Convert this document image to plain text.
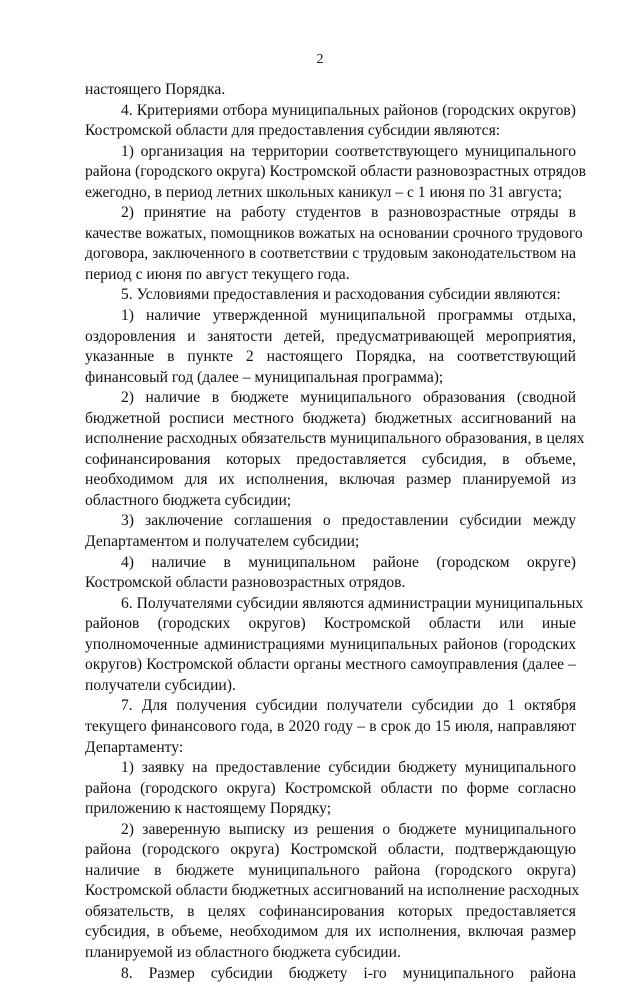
2
настоящего Порядка.
4. Критериями отбора муниципальных районов (городских округов)
Костромской области для предоставления субсидии являются:
1) организация на территории соответствующего муниципального
района (городского округа) Костромской области разновозрастных отрядов
ежегодно, в период летних школьных каникул – с 1 июня по 31 августа;
2) принятие на работу студентов в разновозрастные отряды в
качестве вожатых, помощников вожатых на основании срочного трудового
договора, заключенного в соответствии с трудовым законодательством на
период с июня по август текущего года.
5. Условиями предоставления и расходования субсидии являются:
1) наличие утвержденной муниципальной программы отдыха,
оздоровления и занятости детей, предусматривающей мероприятия,
указанные в пункте 2 настоящего Порядка, на соответствующий
финансовый год (далее – муниципальная программа);
2) наличие в бюджете муниципального образования (сводной
бюджетной росписи местного бюджета) бюджетных ассигнований на
исполнение расходных обязательств муниципального образования, в целях
софинансирования которых предоставляется субсидия, в объеме,
необходимом для их исполнения, включая размер планируемой из
областного бюджета субсидии;
3) заключение соглашения о предоставлении субсидии между
Департаментом и получателем субсидии;
4) наличие в муниципальном районе (городском округе)
Костромской области разновозрастных отрядов.
6. Получателями субсидии являются администрации муниципальных
районов (городских округов) Костромской области или иные
уполномоченные администрациями муниципальных районов (городских
округов) Костромской области органы местного самоуправления (далее –
получатели субсидии).
7. Для получения субсидии получатели субсидии до 1 октября
текущего финансового года, в 2020 году – в срок до 15 июля, направляют
Департаменту:
1) заявку на предоставление субсидии бюджету муниципального
района (городского округа) Костромской области по форме согласно
приложению к настоящему Порядку;
2) заверенную выписку из решения о бюджете муниципального
района (городского округа) Костромской области, подтверждающую
наличие в бюджете муниципального района (городского округа)
Костромской области бюджетных ассигнований на исполнение расходных
обязательств, в целях софинансирования которых предоставляется
субсидия, в объеме, необходимом для их исполнения, включая размер
планируемой из областного бюджета субсидии.
8. Размер субсидии бюджету i-го муниципального района
